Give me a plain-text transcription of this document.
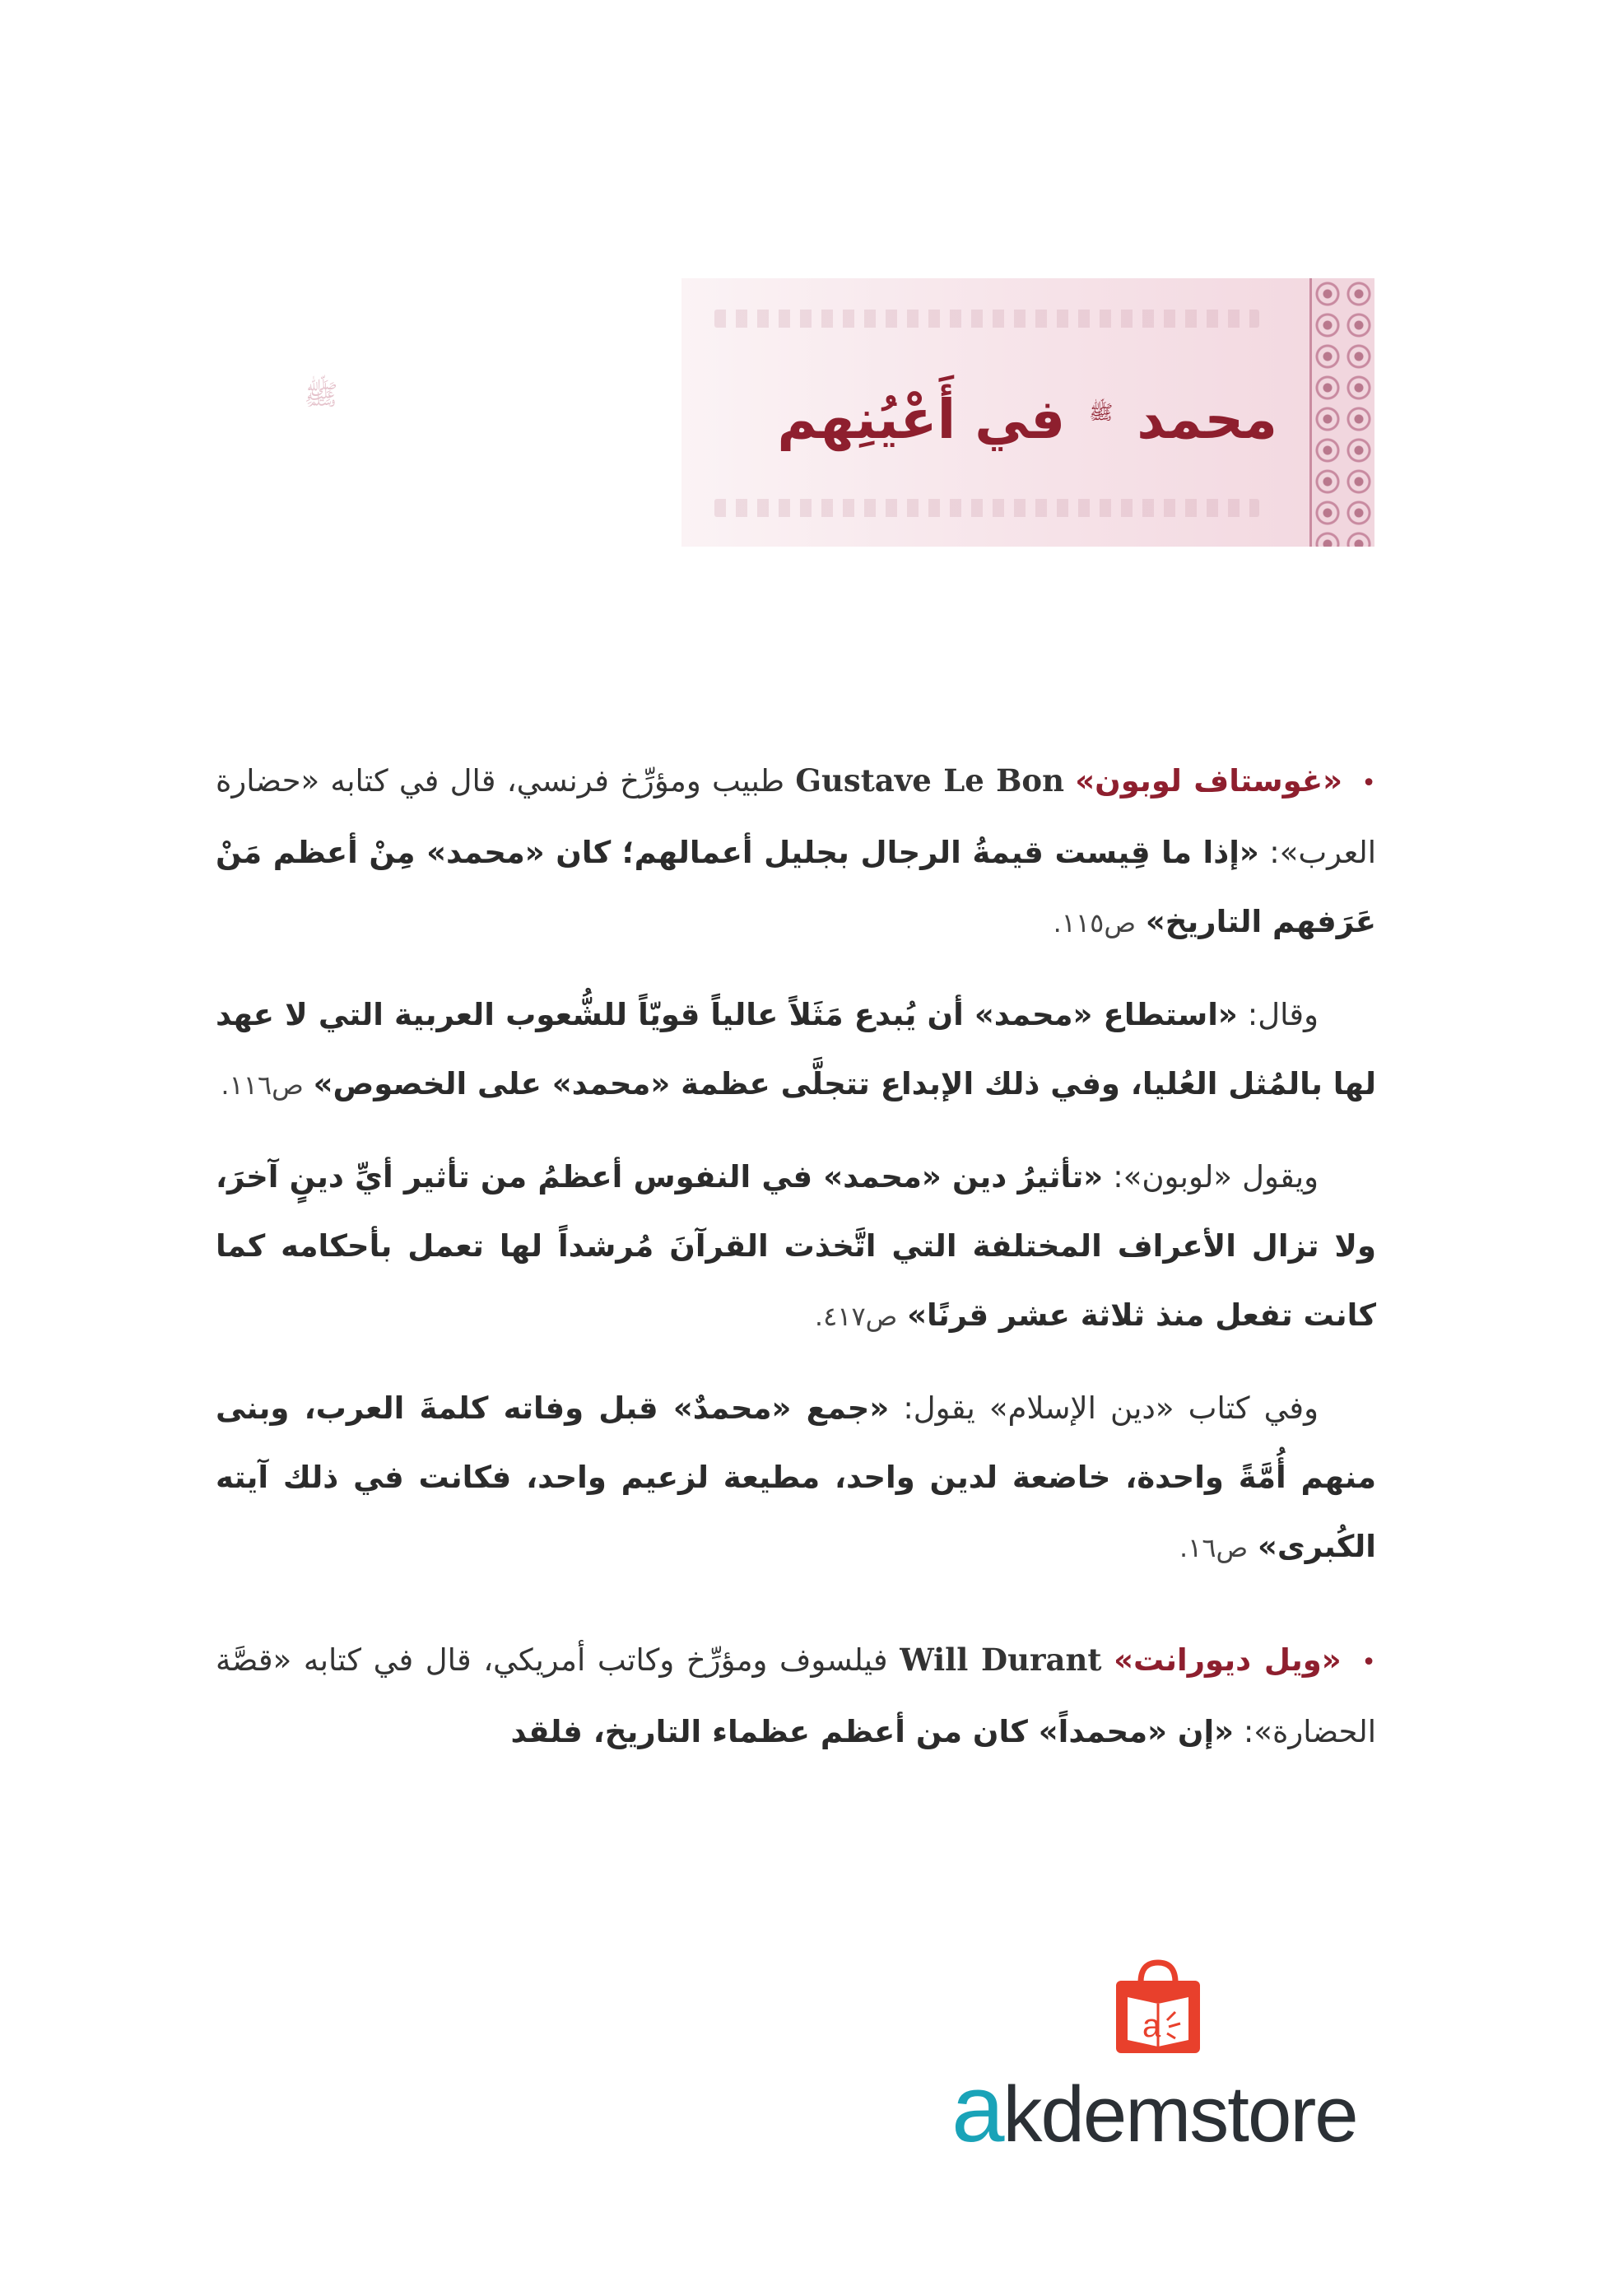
محمد $^ﷺ$ في أَعْيُنِهم
ﷺ

• «غوستاف لوبون» Gustave Le Bon طبيب ومؤرِّخ فرنسي، قال في كتابه «حضارة العرب»: «إذا ما قِيست قيمةُ الرجال بجليل أعمالهم؛ كان «محمد» مِنْ أعظم مَنْ عَرَفهم التاريخ» ص١١٥.

وقال: «استطاع «محمد» أن يُبدع مَثَلاً عالياً قويّاً للشُّعوب العربية التي لا عهد لها بالمُثل العُليا، وفي ذلك الإبداع تتجلَّى عظمة «محمد» على الخصوص» ص١١٦.

ويقول «لوبون»: «تأثيرُ دين «محمد» في النفوس أعظمُ من تأثير أيِّ دينٍ آخرَ، ولا تزال الأعراف المختلفة التي اتَّخذت القرآنَ مُرشداً لها تعمل بأحكامه كما كانت تفعل منذ ثلاثة عشر قرنًا» ص٤١٧.

وفي كتاب «دين الإسلام» يقول: «جمع «محمدٌ» قبل وفاته كلمةَ العرب، وبنى منهم أُمَّةً واحدة، خاضعة لدين واحد، مطيعة لزعيم واحد، فكانت في ذلك آيته الكُبرى» ص١٦.

• «ويل ديورانت» Will Durant فيلسوف ومؤرِّخ وكاتب أمريكي، قال في كتابه «قصَّة الحضارة»: «إن «محمداً» كان من أعظم عظماء التاريخ، فلقد

a
akdemstore
